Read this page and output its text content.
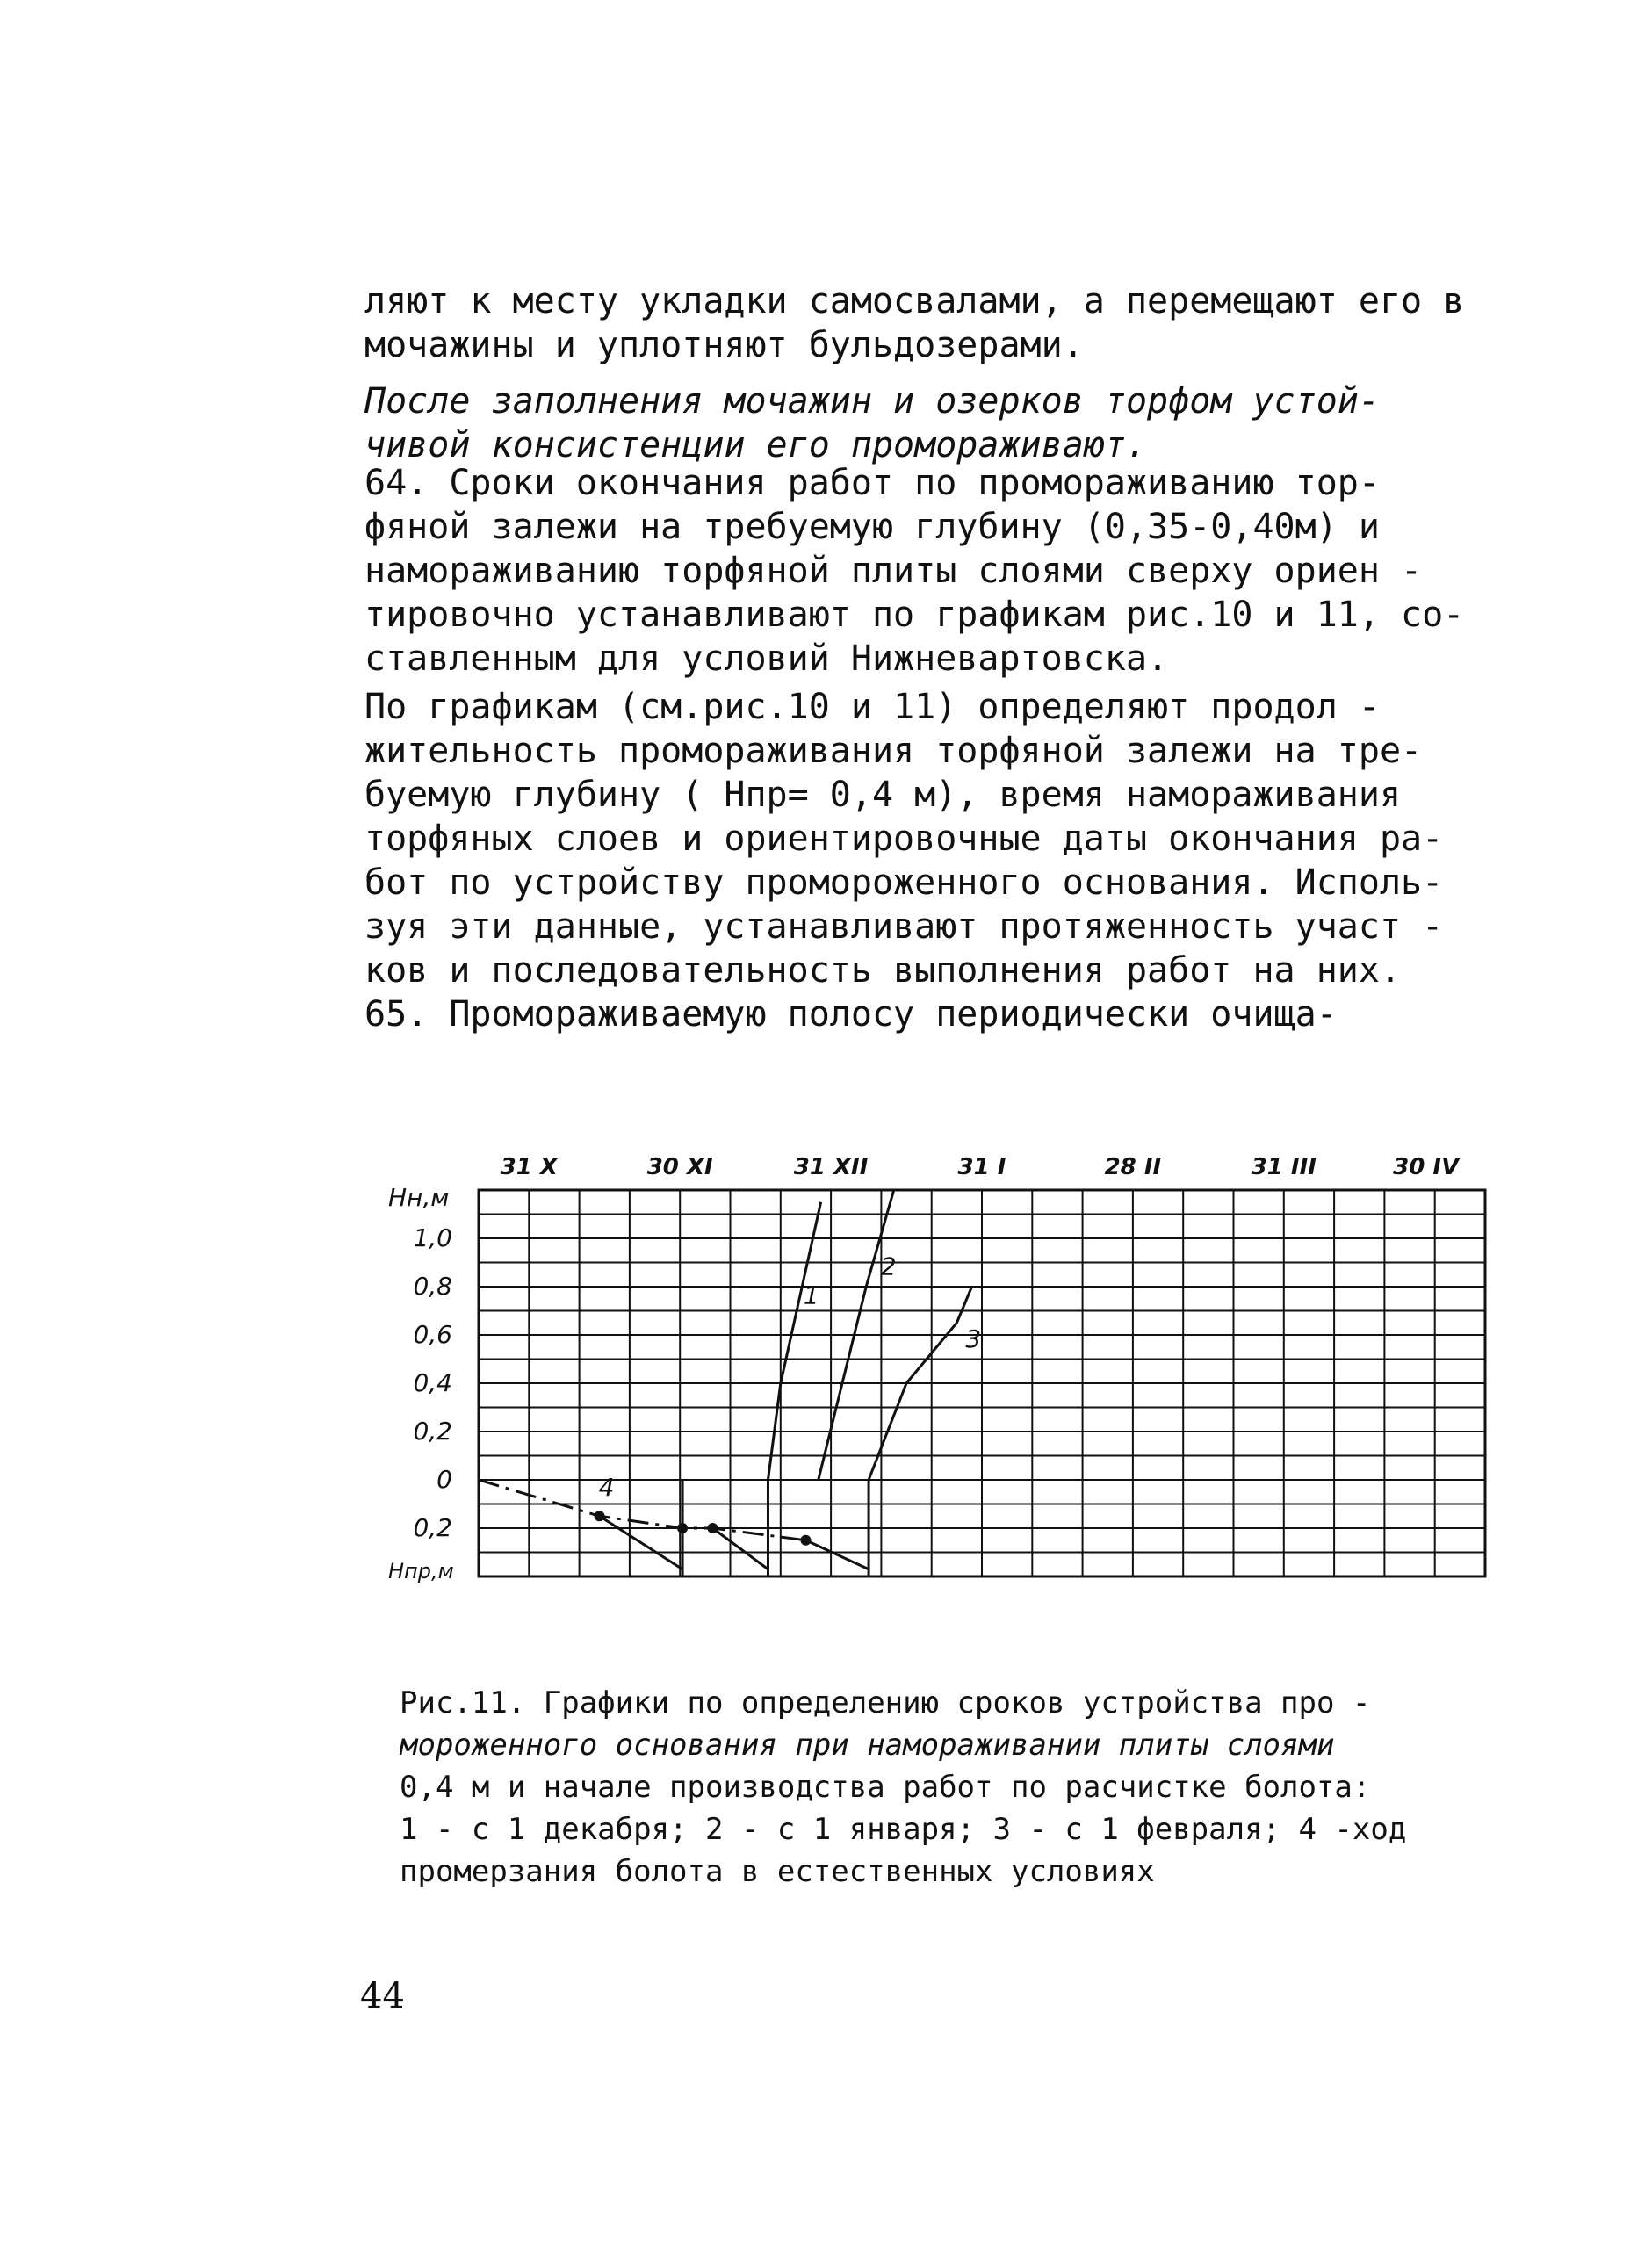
ляют к месту укладки самосвалами, а перемещают его в
мочажины и уплотняют бульдозерами.

После заполнения мочажин и озерков торфом устой-
чивой консистенции его промораживают.

64. Сроки окончания работ по промораживанию тор-
фяной залежи на требуемую глубину (0,35-0,40м) и
намораживанию торфяной плиты слоями сверху ориен -
тировочно устанавливают по графикам рис.10 и 11, со-
ставленным для условий Нижневартовска.

По графикам (см.рис.10 и 11) определяют продол -
жительность промораживания торфяной залежи на тре-
буемую глубину ( Hпр= 0,4 м), время намораживания
торфяных слоев и ориентировочные даты окончания ра-
бот по устройству промороженного основания. Исполь-
зуя эти данные, устанавливают протяженность участ -
ков и последовательность выполнения работ на них.

65. Промораживаемую полосу периодически очища-

31 X	30 XI	31 XII	31 I	28 II	31 III	30 IV
Hн,м
1,0
0,8
0,6
0,4
0,2
0
0,2
Hпр,м
1
2
3
4

Рис.11. Графики по определению сроков устройства про -
мороженного основания при намораживании плиты слоями
0,4 м и начале производства работ по расчистке болота:
1 - с 1 декабря; 2 - с 1 января; 3 - с 1 февраля; 4 -ход
промерзания болота в естественных условиях

44
